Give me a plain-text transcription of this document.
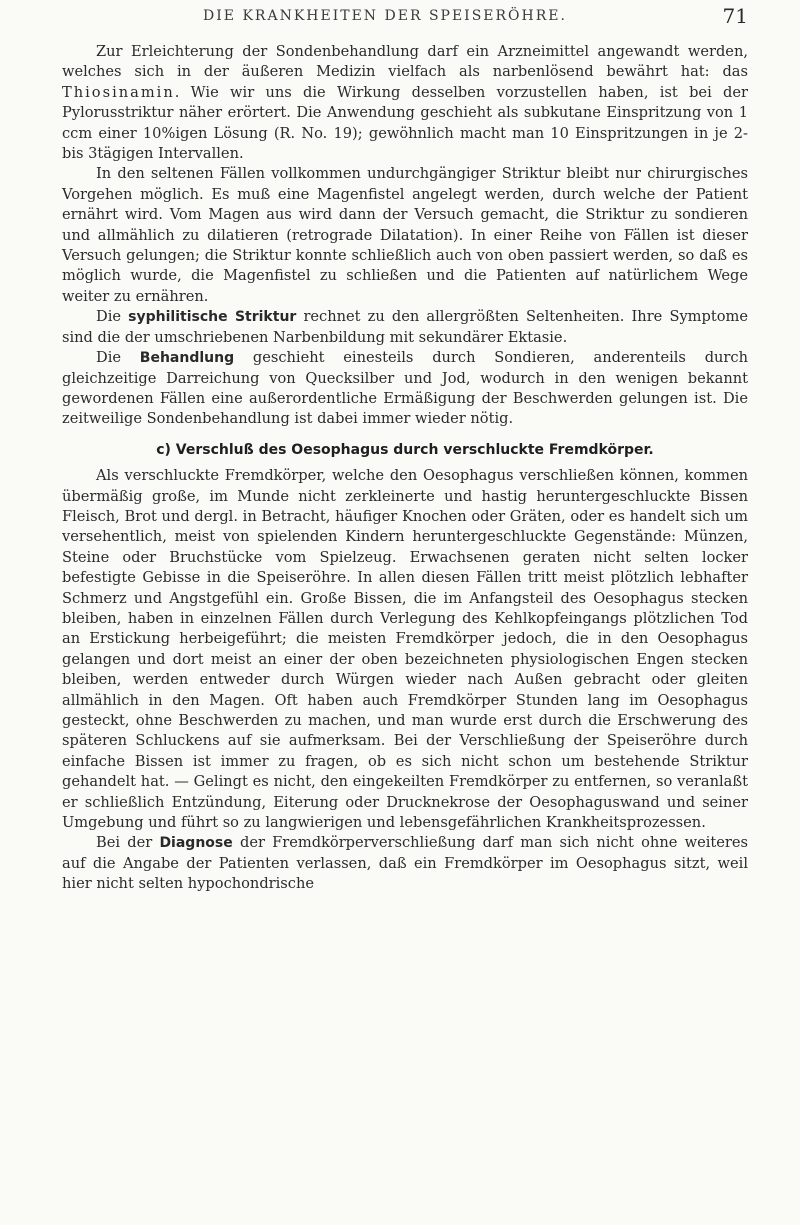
DIE KRANKHEITEN DER SPEISERÖHRE.	71

Zur Erleichterung der Sondenbehandlung darf ein Arzneimittel angewandt werden, welches sich in der äußeren Medizin vielfach als narbenlösend bewährt hat: das Thiosinamin. Wie wir uns die Wirkung desselben vorzustellen haben, ist bei der Pylorusstriktur näher erörtert. Die Anwendung geschieht als subkutane Einspritzung von 1 ccm einer 10%igen Lösung (R. No. 19); gewöhnlich macht man 10 Einspritzungen in je 2- bis 3tägigen Intervallen.

In den seltenen Fällen vollkommen undurchgängiger Striktur bleibt nur chirurgisches Vorgehen möglich. Es muß eine Magenfistel angelegt werden, durch welche der Patient ernährt wird. Vom Magen aus wird dann der Versuch gemacht, die Striktur zu sondieren und allmählich zu dilatieren (retrograde Dilatation). In einer Reihe von Fällen ist dieser Versuch gelungen; die Striktur konnte schließlich auch von oben passiert werden, so daß es möglich wurde, die Magenfistel zu schließen und die Patienten auf natürlichem Wege weiter zu ernähren.

Die syphilitische Striktur rechnet zu den allergrößten Seltenheiten. Ihre Symptome sind die der umschriebenen Narbenbildung mit sekundärer Ektasie.

Die Behandlung geschieht einesteils durch Sondieren, anderenteils durch gleichzeitige Darreichung von Quecksilber und Jod, wodurch in den wenigen bekannt gewordenen Fällen eine außerordentliche Ermäßigung der Beschwerden gelungen ist. Die zeitweilige Sondenbehandlung ist dabei immer wieder nötig.

c) Verschluß des Oesophagus durch verschluckte Fremdkörper.

Als verschluckte Fremdkörper, welche den Oesophagus verschließen können, kommen übermäßig große, im Munde nicht zerkleinerte und hastig heruntergeschluckte Bissen Fleisch, Brot und dergl. in Betracht, häufiger Knochen oder Gräten, oder es handelt sich um versehentlich, meist von spielenden Kindern heruntergeschluckte Gegenstände: Münzen, Steine oder Bruchstücke vom Spielzeug. Erwachsenen geraten nicht selten locker befestigte Gebisse in die Speiseröhre. In allen diesen Fällen tritt meist plötzlich lebhafter Schmerz und Angstgefühl ein. Große Bissen, die im Anfangsteil des Oesophagus stecken bleiben, haben in einzelnen Fällen durch Verlegung des Kehlkopfeingangs plötzlichen Tod an Erstickung herbeigeführt; die meisten Fremdkörper jedoch, die in den Oesophagus gelangen und dort meist an einer der oben bezeichneten physiologischen Engen stecken bleiben, werden entweder durch Würgen wieder nach Außen gebracht oder gleiten allmählich in den Magen. Oft haben auch Fremdkörper Stunden lang im Oesophagus gesteckt, ohne Beschwerden zu machen, und man wurde erst durch die Erschwerung des späteren Schluckens auf sie aufmerksam. Bei der Verschließung der Speiseröhre durch einfache Bissen ist immer zu fragen, ob es sich nicht schon um bestehende Striktur gehandelt hat. — Gelingt es nicht, den eingekeilten Fremdkörper zu entfernen, so veranlaßt er schließlich Entzündung, Eiterung oder Drucknekrose der Oesophaguswand und seiner Umgebung und führt so zu langwierigen und lebensgefährlichen Krankheitsprozessen.

Bei der Diagnose der Fremdkörperverschließung darf man sich nicht ohne weiteres auf die Angabe der Patienten verlassen, daß ein Fremdkörper im Oesophagus sitzt, weil hier nicht selten hypochondrische
